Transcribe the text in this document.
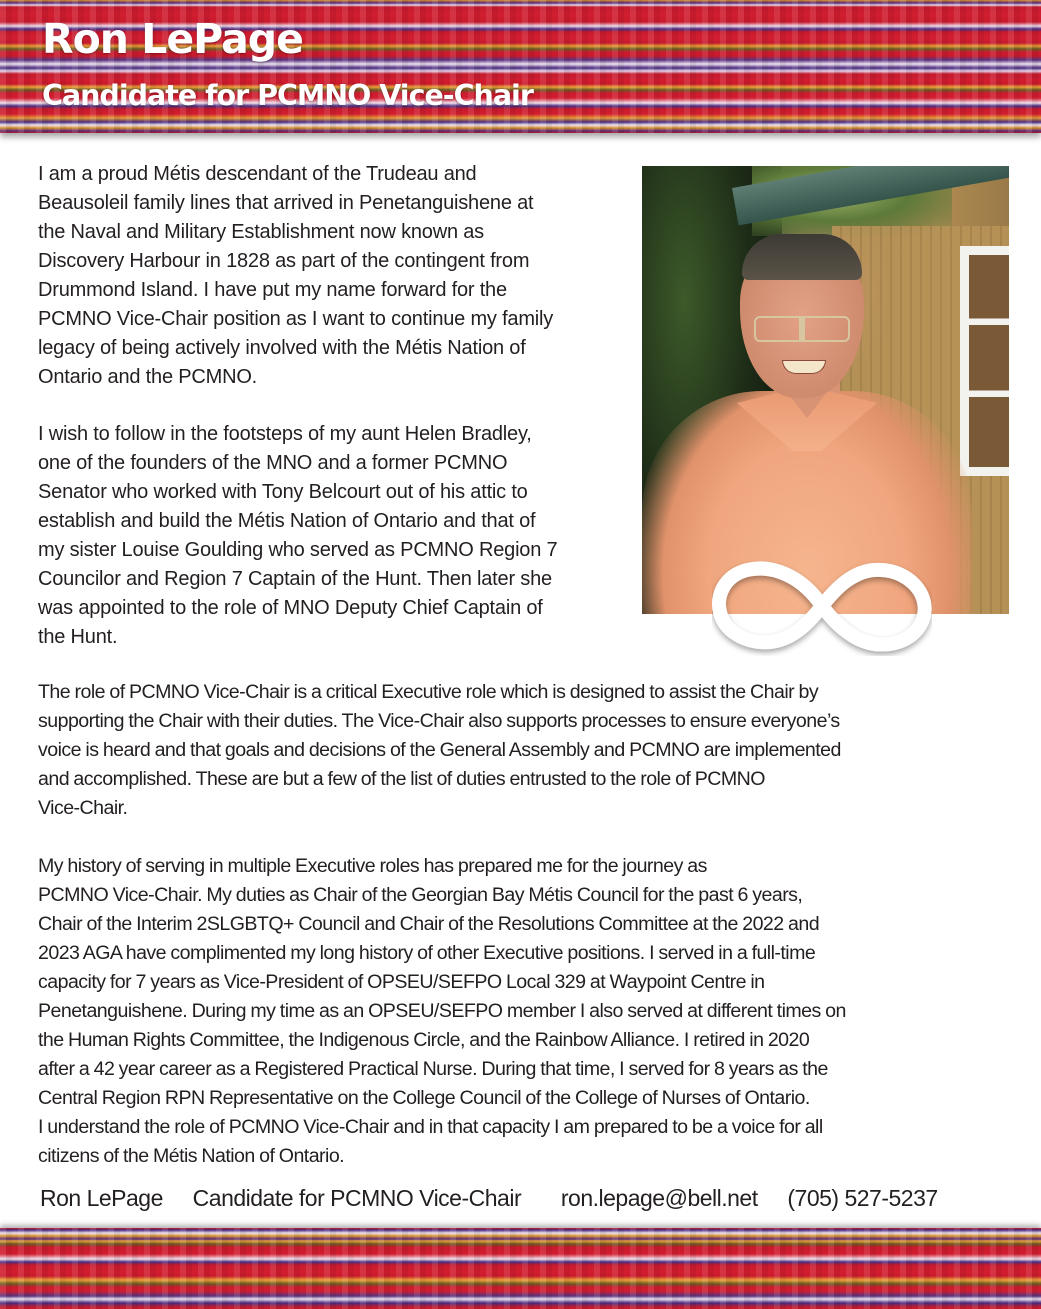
Ron LePage
Candidate for PCMNO Vice-Chair

I am a proud Métis descendant of the Trudeau and
Beausoleil family lines that arrived in Penetanguishene at
the Naval and Military Establishment now known as
Discovery Harbour in 1828 as part of the contingent from
Drummond Island. I have put my name forward for the
PCMNO Vice-Chair position as I want to continue my family
legacy of being actively involved with the Métis Nation of
Ontario and the PCMNO.

I wish to follow in the footsteps of my aunt Helen Bradley,
one of the founders of the MNO and a former PCMNO
Senator who worked with Tony Belcourt out of his attic to
establish and build the Métis Nation of Ontario and that of
my sister Louise Goulding who served as PCMNO Region 7
Councilor and Region 7 Captain of the Hunt. Then later she
was appointed to the role of MNO Deputy Chief Captain of
the Hunt.

The role of PCMNO Vice-Chair is a critical Executive role which is designed to assist the Chair by
supporting the Chair with their duties. The Vice-Chair also supports processes to ensure everyone’s
voice is heard and that goals and decisions of the General Assembly and PCMNO are implemented
and accomplished. These are but a few of the list of duties entrusted to the role of PCMNO
Vice-Chair.

My history of serving in multiple Executive roles has prepared me for the journey as
PCMNO Vice-Chair. My duties as Chair of the Georgian Bay Métis Council for the past 6 years,
Chair of the Interim 2SLGBTQ+ Council and Chair of the Resolutions Committee at the 2022 and
2023 AGA have complimented my long history of other Executive positions. I served in a full-time
capacity for 7 years as Vice-President of OPSEU/SEFPO Local 329 at Waypoint Centre in
Penetanguishene. During my time as an OPSEU/SEFPO member I also served at different times on
the Human Rights Committee, the Indigenous Circle, and the Rainbow Alliance. I retired in 2020
after a 42 year career as a Registered Practical Nurse. During that time, I served for 8 years as the
Central Region RPN Representative on the College Council of the College of Nurses of Ontario.
I understand the role of PCMNO Vice-Chair and in that capacity I am prepared to be a voice for all
citizens of the Métis Nation of Ontario.

Ron LePage Candidate for PCMNO Vice-Chair ron.lepage@bell.net (705) 527-5237
